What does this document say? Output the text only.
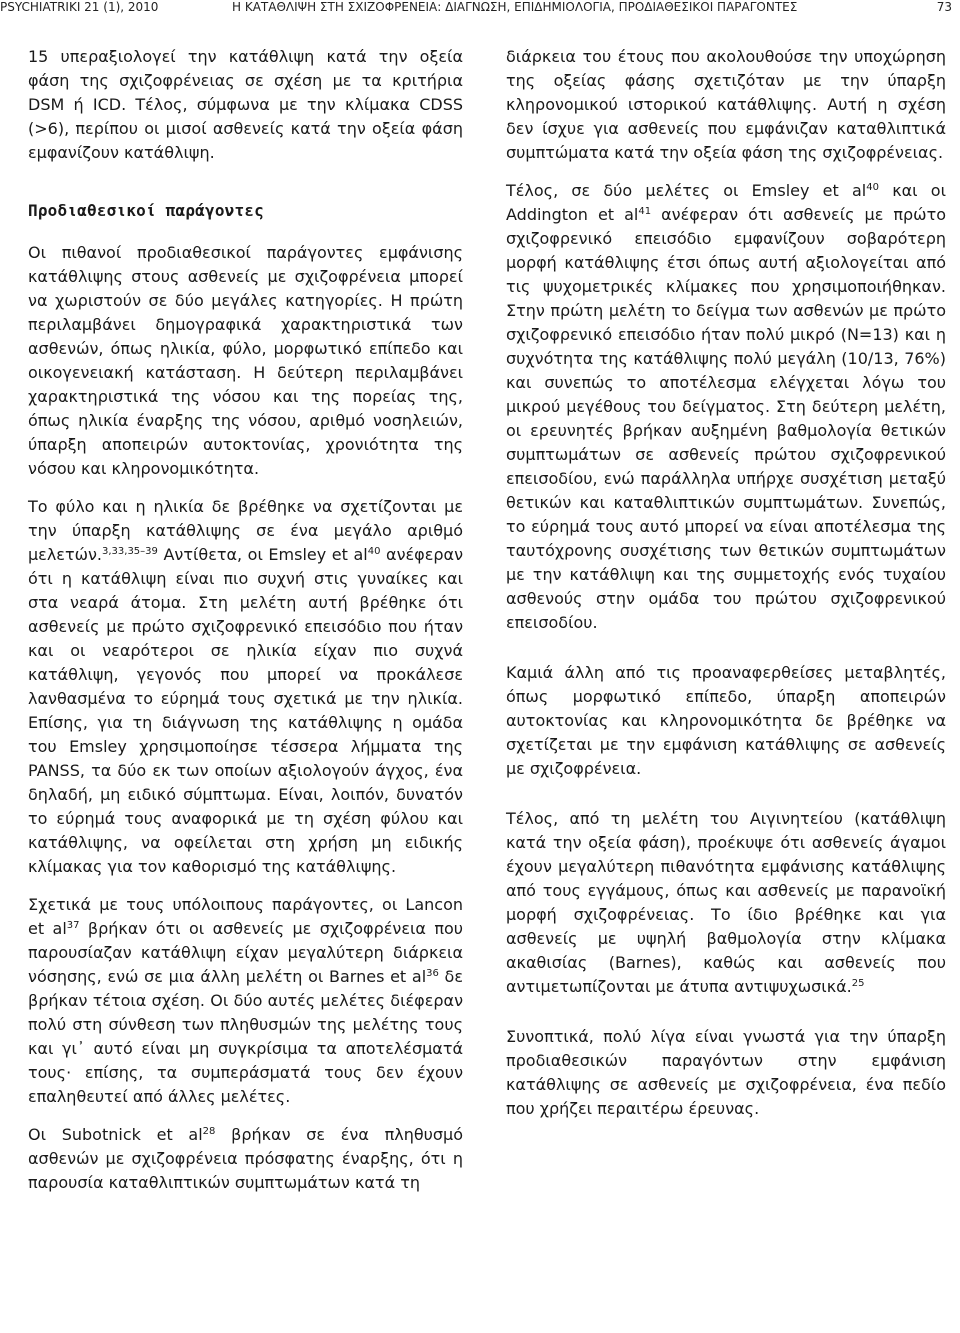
PSYCHIATRIKI 21 (1), 2010	Η ΚΑΤΑΘΛΙΨΗ ΣΤΗ ΣΧΙΖΟΦΡΕΝΕΙΑ: ΔΙΑΓΝΩΣΗ, ΕΠΙΔΗΜΙΟΛΟΓΙΑ, ΠΡΟΔΙΑΘΕΣΙΚΟΙ ΠΑΡΑΓΟΝΤΕΣ	73

15 υπεραξιολογεί την κατάθλιψη κατά την οξεία φάση της σχιζοφρένειας σε σχέση με τα κριτήρια DSM ή ICD. Τέλος, σύμφωνα με την κλίμακα CDSS (>6), περίπου οι μισοί ασθενείς κατά την οξεία φάση εμφανίζουν κατάθλιψη.

Προδιαθεσικοί παράγοντες

Οι πιθανοί προδιαθεσικοί παράγοντες εμφάνισης κατάθλιψης στους ασθενείς με σχιζοφρένεια μπορεί να χωριστούν σε δύο μεγάλες κατηγορίες. Η πρώτη περιλαμβάνει δημογραφικά χαρακτηριστικά των ασθενών, όπως ηλικία, φύλο, μορφωτικό επίπεδο και οικογενειακή κατάσταση. Η δεύτερη περιλαμβάνει χαρακτηριστικά της νόσου και της πορείας της, όπως ηλικία έναρξης της νόσου, αριθμό νοσηλειών, ύπαρξη αποπειρών αυτοκτονίας, χρονιότητα της νόσου και κληρονομικότητα.

Το φύλο και η ηλικία δε βρέθηκε να σχετίζονται με την ύπαρξη κατάθλιψης σε ένα μεγάλο αριθμό μελετών.$^{3,33,35-39}$ Αντίθετα, οι Emsley et $al^{40}$ ανέφεραν ότι η κατάθλιψη είναι πιο συχνή στις γυναίκες και στα νεαρά άτομα. Στη μελέτη αυτή βρέθηκε ότι ασθενείς με πρώτο σχιζοφρενικό επεισόδιο που ήταν και οι νεαρότεροι σε ηλικία είχαν πιο συχνά κατάθλιψη, γεγονός που μπορεί να προκάλεσε λανθασμένα το εύρημά τους σχετικά με την ηλικία. Επίσης, για τη διάγνωση της κατάθλιψης η ομάδα του Emsley χρησιμοποίησε τέσσερα λήμματα της PANSS, τα δύο εκ των οποίων αξιολογούν άγχος, ένα δηλαδή, μη ειδικό σύμπτωμα. Είναι, λοιπόν, δυνατόν το εύρημά τους αναφορικά με τη σχέση φύλου και κατάθλιψης, να οφείλεται στη χρήση μη ειδικής κλίμακας για τον καθορισμό της κατάθλιψης.

Σχετικά με τους υπόλοιπους παράγοντες, οι Lancon et $al^{37}$ βρήκαν ότι οι ασθενείς με σχιζοφρένεια που παρουσίαζαν κατάθλιψη είχαν μεγαλύτερη διάρκεια νόσησης, ενώ σε μια άλλη μελέτη οι Barnes et $al^{36}$ δε βρήκαν τέτοια σχέση. Οι δύο αυτές μελέτες διέφεραν πολύ στη σύνθεση των πληθυσμών της μελέτης τους και γι᾽ αυτό είναι μη συγκρίσιμα τα αποτελέσματά τους· επίσης, τα συμπεράσματά τους δεν έχουν επαληθευτεί από άλλες μελέτες.

Οι Subotnick et $al^{28}$ βρήκαν σε ένα πληθυσμό ασθενών με σχιζοφρένεια πρόσφατης έναρξης, ότι η παρουσία καταθλιπτικών συμπτωμάτων κατά τη

διάρκεια του έτους που ακολουθούσε την υποχώρηση της οξείας φάσης σχετιζόταν με την ύπαρξη κληρονομικού ιστορικού κατάθλιψης. Αυτή η σχέση δεν ίσχυε για ασθενείς που εμφάνιζαν καταθλιπτικά συμπτώματα κατά την οξεία φάση της σχιζοφρένειας.

Τέλος, σε δύο μελέτες οι Emsley et $al^{40}$ και οι Addington et $al^{41}$ ανέφεραν ότι ασθενείς με πρώτο σχιζοφρενικό επεισόδιο εμφανίζουν σοβαρότερη μορφή κατάθλιψης έτσι όπως αυτή αξιολογείται από τις ψυχομετρικές κλίμακες που χρησιμοποιήθηκαν. Στην πρώτη μελέτη το δείγμα των ασθενών με πρώτο σχιζοφρενικό επεισόδιο ήταν πολύ μικρό (N=13) και η συχνότητα της κατάθλιψης πολύ μεγάλη (10/13, 76%) και συνεπώς το αποτέλεσμα ελέγχεται λόγω του μικρού μεγέθους του δείγματος. Στη δεύτερη μελέτη, οι ερευνητές βρήκαν αυξημένη βαθμολογία θετικών συμπτωμάτων σε ασθενείς πρώτου σχιζοφρενικού επεισοδίου, ενώ παράλληλα υπήρχε συσχέτιση μεταξύ θετικών και καταθλιπτικών συμπτωμάτων. Συνεπώς, το εύρημά τους αυτό μπορεί να είναι αποτέλεσμα της ταυτόχρονης συσχέτισης των θετικών συμπτωμάτων με την κατάθλιψη και της συμμετοχής ενός τυχαίου ασθενούς στην ομάδα του πρώτου σχιζοφρενικού επεισοδίου.

Καμιά άλλη από τις προαναφερθείσες μεταβλητές, όπως μορφωτικό επίπεδο, ύπαρξη αποπειρών αυτοκτονίας και κληρονομικότητα δε βρέθηκε να σχετίζεται με την εμφάνιση κατάθλιψης σε ασθενείς με σχιζοφρένεια.

Τέλος, από τη μελέτη του Αιγινητείου (κατάθλιψη κατά την οξεία φάση), προέκυψε ότι ασθενείς άγαμοι έχουν μεγαλύτερη πιθανότητα εμφάνισης κατάθλιψης από τους εγγάμους, όπως και ασθενείς με παρανοϊκή μορφή σχιζοφρένειας. Το ίδιο βρέθηκε και για ασθενείς με υψηλή βαθμολογία στην κλίμακα ακαθισίας (Barnes), καθώς και ασθενείς που αντιμετωπίζονται με άτυπα αντιψυχωσικά.$^{25}$

Συνοπτικά, πολύ λίγα είναι γνωστά για την ύπαρξη προδιαθεσικών παραγόντων στην εμφάνιση κατάθλιψης σε ασθενείς με σχιζοφρένεια, ένα πεδίο που χρήζει περαιτέρω έρευνας.
